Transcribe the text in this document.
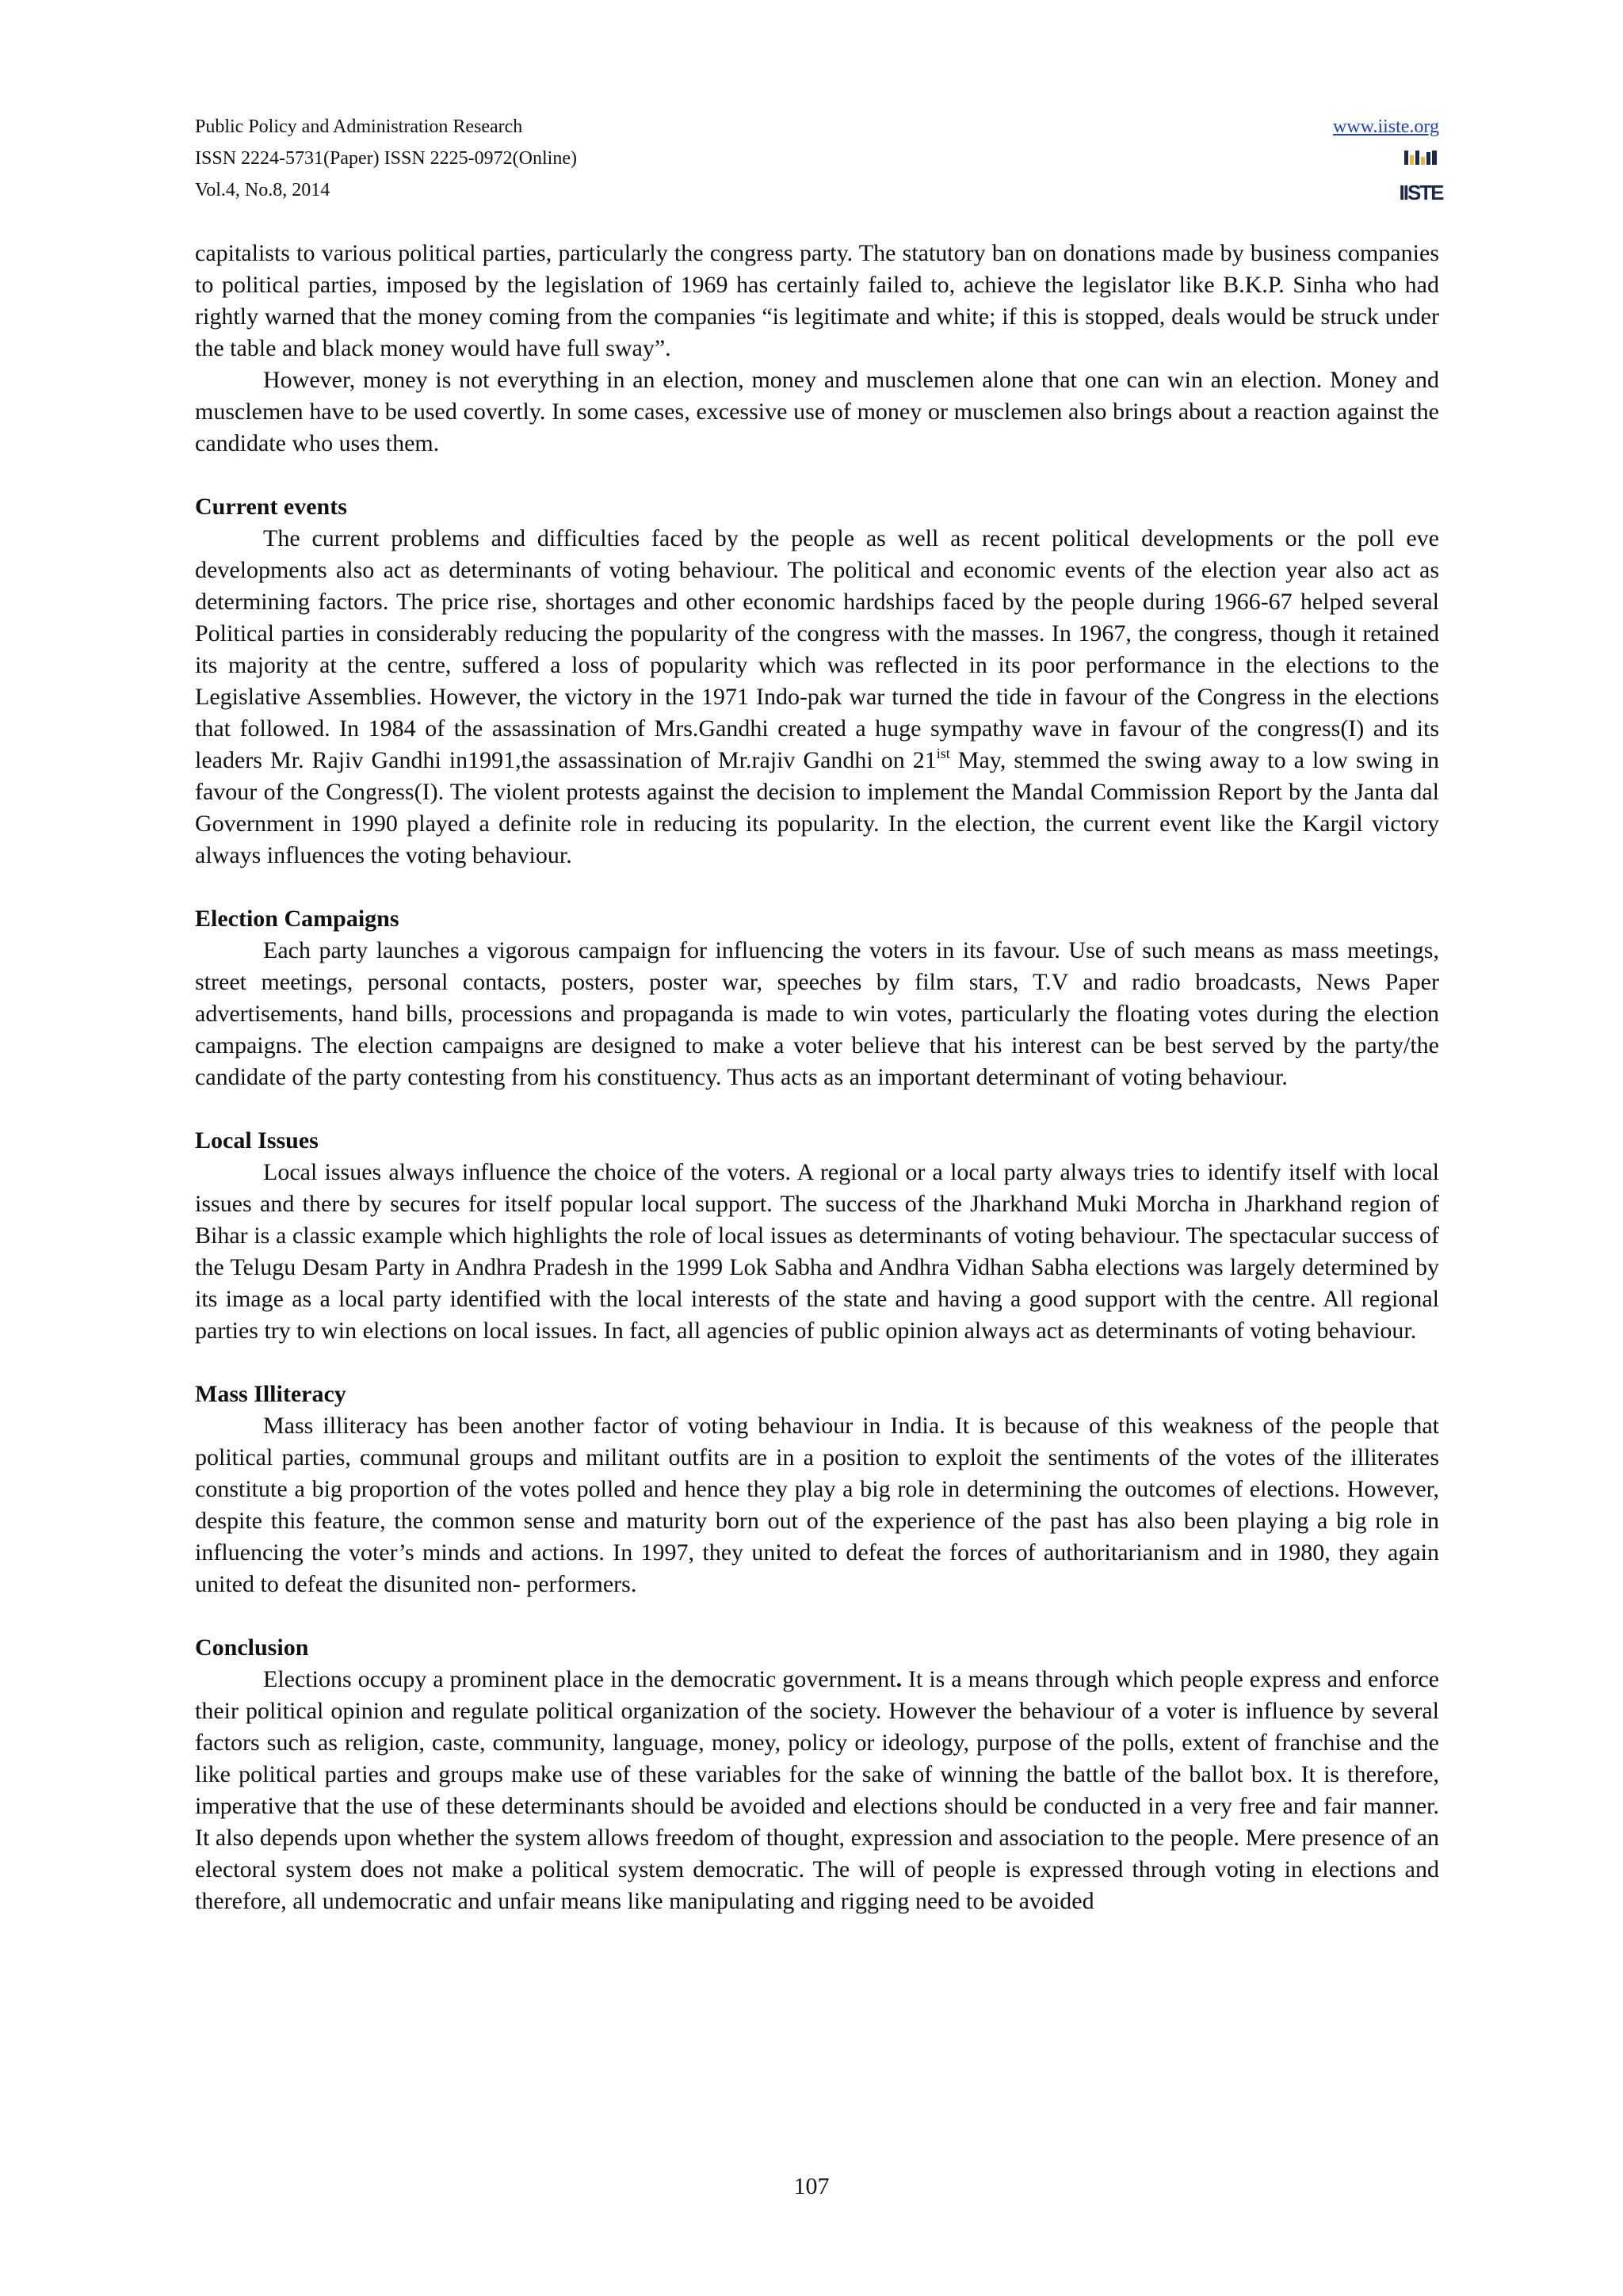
Public Policy and Administration Research
ISSN 2224-5731(Paper) ISSN 2225-0972(Online)
Vol.4, No.8, 2014
www.iiste.org
IISTE

capitalists to various political parties, particularly the congress party. The statutory ban on donations made by business companies to political parties, imposed by the legislation of 1969 has certainly failed to, achieve the legislator like B.K.P. Sinha who had rightly warned that the money coming from the companies “is legitimate and white; if this is stopped, deals would be struck under the table and black money would have full sway”.

However, money is not everything in an election, money and musclemen alone that one can win an election. Money and musclemen have to be used covertly. In some cases, excessive use of money or musclemen also brings about a reaction against the candidate who uses them.

Current events

The current problems and difficulties faced by the people as well as recent political developments or the poll eve developments also act as determinants of voting behaviour. The political and economic events of the election year also act as determining factors. The price rise, shortages and other economic hardships faced by the people during 1966-67 helped several Political parties in considerably reducing the popularity of the congress with the masses. In 1967, the congress, though it retained its majority at the centre, suffered a loss of popularity which was reflected in its poor performance in the elections to the Legislative Assemblies. However, the victory in the 1971 Indo-pak war turned the tide in favour of the Congress in the elections that followed. In 1984 of the assassination of Mrs.Gandhi created a huge sympathy wave in favour of the congress(I) and its leaders Mr. Rajiv Gandhi in1991,the assassination of Mr.rajiv Gandhi on $21^{ist}$ May, stemmed the swing away to a low swing in favour of the Congress(I). The violent protests against the decision to implement the Mandal Commission Report by the Janta dal Government in 1990 played a definite role in reducing its popularity. In the election, the current event like the Kargil victory always influences the voting behaviour.

Election Campaigns

Each party launches a vigorous campaign for influencing the voters in its favour. Use of such means as mass meetings, street meetings, personal contacts, posters, poster war, speeches by film stars, T.V and radio broadcasts, News Paper advertisements, hand bills, processions and propaganda is made to win votes, particularly the floating votes during the election campaigns. The election campaigns are designed to make a voter believe that his interest can be best served by the party/the candidate of the party contesting from his constituency. Thus acts as an important determinant of voting behaviour.

Local Issues

Local issues always influence the choice of the voters. A regional or a local party always tries to identify itself with local issues and there by secures for itself popular local support. The success of the Jharkhand Muki Morcha in Jharkhand region of Bihar is a classic example which highlights the role of local issues as determinants of voting behaviour. The spectacular success of the Telugu Desam Party in Andhra Pradesh in the 1999 Lok Sabha and Andhra Vidhan Sabha elections was largely determined by its image as a local party identified with the local interests of the state and having a good support with the centre. All regional parties try to win elections on local issues. In fact, all agencies of public opinion always act as determinants of voting behaviour.

Mass Illiteracy

Mass illiteracy has been another factor of voting behaviour in India. It is because of this weakness of the people that political parties, communal groups and militant outfits are in a position to exploit the sentiments of the votes of the illiterates constitute a big proportion of the votes polled and hence they play a big role in determining the outcomes of elections. However, despite this feature, the common sense and maturity born out of the experience of the past has also been playing a big role in influencing the voter’s minds and actions. In 1997, they united to defeat the forces of authoritarianism and in 1980, they again united to defeat the disunited non- performers.

Conclusion

Elections occupy a prominent place in the democratic government. It is a means through which people express and enforce their political opinion and regulate political organization of the society. However the behaviour of a voter is influence by several factors such as religion, caste, community, language, money, policy or ideology, purpose of the polls, extent of franchise and the like political parties and groups make use of these variables for the sake of winning the battle of the ballot box. It is therefore, imperative that the use of these determinants should be avoided and elections should be conducted in a very free and fair manner. It also depends upon whether the system allows freedom of thought, expression and association to the people. Mere presence of an electoral system does not make a political system democratic. The will of people is expressed through voting in elections and therefore, all undemocratic and unfair means like manipulating and rigging need to be avoided

107
